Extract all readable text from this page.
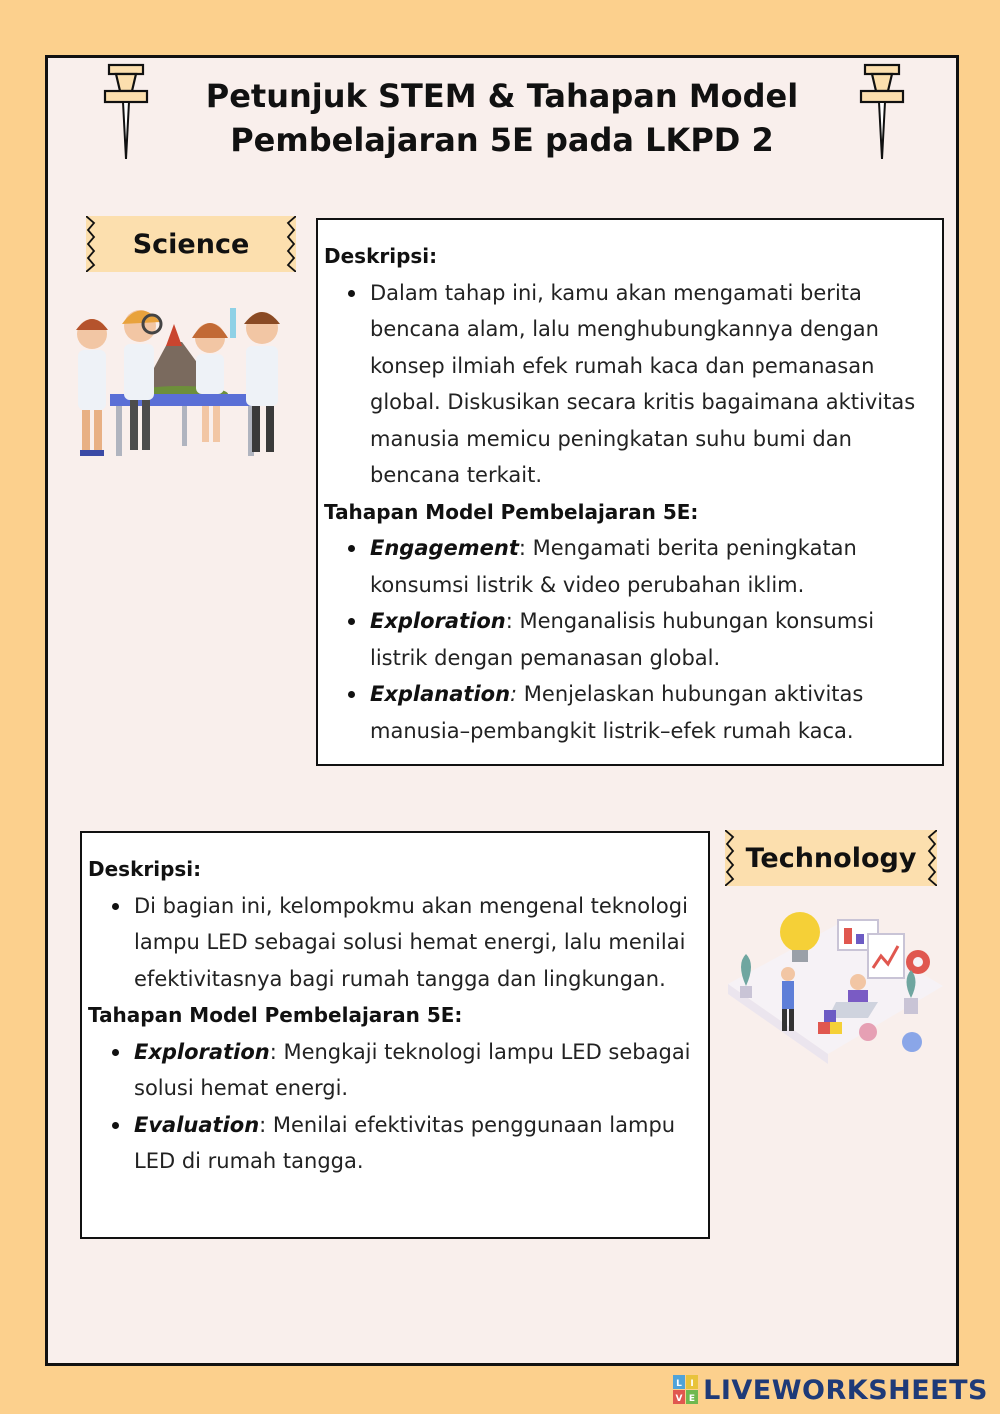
Petunjuk STEM & Tahapan Model
Pembelajaran 5E pada LKPD 2
Science	Deskripsi:
Dalam tahap ini, kamu akan mengamati berita bencana alam, lalu menghubungkannya dengan konsep ilmiah efek rumah kaca dan pemanasan global. Diskusikan secara kritis bagaimana aktivitas manusia memicu peningkatan suhu bumi dan bencana terkait.
Tahapan Model Pembelajaran 5E:
Engagement: Mengamati berita peningkatan konsumsi listrik & video perubahan iklim.
Exploration: Menganalisis hubungan konsumsi listrik dengan pemanasan global.
Explanation: Menjelaskan hubungan aktivitas manusia–pembangkit listrik–efek rumah kaca.
Deskripsi:
Di bagian ini, kelompokmu akan mengenal teknologi lampu LED sebagai solusi hemat energi, lalu menilai efektivitasnya bagi rumah tangga dan lingkungan.
Tahapan Model Pembelajaran 5E:
Exploration: Mengkaji teknologi lampu LED sebagai solusi hemat energi.
Evaluation: Menilai efektivitas penggunaan lampu LED di rumah tangga.
Technology
L I
V E LIVEWORKSHEETS
